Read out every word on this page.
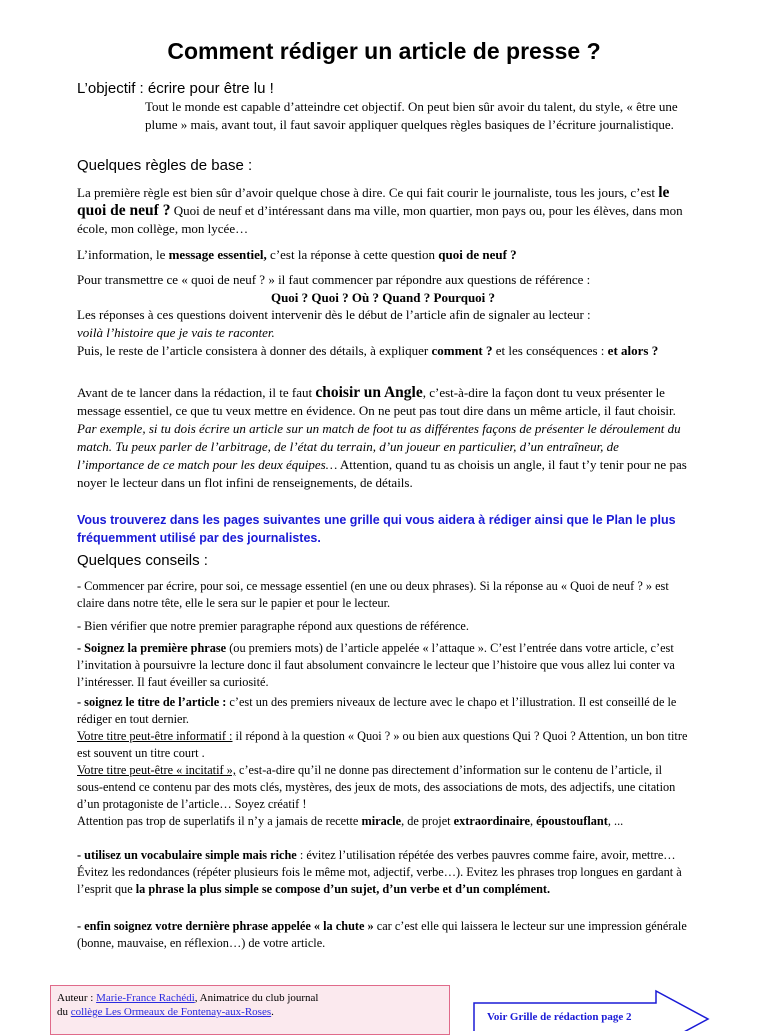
Comment rédiger un article de presse ?
L’objectif : écrire pour être lu !

Tout le monde est capable d’atteindre cet objectif. On peut bien sûr avoir du talent, du style, « être une plume » mais, avant tout, il faut savoir appliquer quelques règles basiques de l’écriture journalistique.

Quelques règles de base :

La première règle est bien sûr d’avoir quelque chose à dire. Ce qui fait courir le journaliste, tous les jours, c’est le quoi de neuf ? Quoi de neuf et d’intéressant dans ma ville, mon quartier, mon pays ou, pour les élèves, dans mon école, mon collège, mon lycée…

L’information, le message essentiel, c’est la réponse à cette question quoi de neuf ?

Pour transmettre ce « quoi de neuf ? » il faut commencer par répondre aux questions de référence :

Quoi ? Quoi ? Où ? Quand ? Pourquoi ?

Les réponses à ces questions doivent intervenir dès le début de l’article afin de signaler au lecteur :
voilà l’histoire que je vais te raconter.
Puis, le reste de l’article consistera à donner des détails, à expliquer comment ? et les conséquences : et alors ?

Avant de te lancer dans la rédaction, il te faut choisir un Angle, c’est-à-dire la façon dont tu veux présenter le message essentiel, ce que tu veux mettre en évidence. On ne peut pas tout dire dans un même article, il faut choisir. Par exemple, si tu dois écrire un article sur un match de foot tu as différentes façons de présenter le déroulement du match. Tu peux parler de l’arbitrage, de l’état du terrain, d’un joueur en particulier, d’un entraîneur, de l’importance de ce match pour les deux équipes… Attention, quand tu as choisis un angle, il faut t’y tenir pour ne pas noyer le lecteur dans un flot infini de renseignements, de détails.

Vous trouverez dans les pages suivantes une grille qui vous aidera à rédiger ainsi que le Plan le plus fréquemment utilisé par des journalistes.

Quelques conseils :

- Commencer par écrire, pour soi, ce message essentiel (en une ou deux phrases). Si la réponse au « Quoi de neuf ? » est claire dans notre tête, elle le sera sur le papier et pour le lecteur.

- Bien vérifier que notre premier paragraphe répond aux questions de référence.

- Soignez la première phrase (ou premiers mots) de l’article appelée « l’attaque ». C’est l’entrée dans votre article, c’est l’invitation à poursuivre la lecture donc il faut absolument convaincre le lecteur que l’histoire que vous allez lui conter va l’intéresser. Il faut éveiller sa curiosité.

- soignez le titre de l’article : c’est un des premiers niveaux de lecture avec le chapo et l’illustration. Il est conseillé de le rédiger en tout dernier.
Votre titre peut-être informatif : il répond à la question « Quoi ? » ou bien aux questions Qui ? Quoi ? Attention, un bon titre est souvent un titre court .
Votre titre peut-être « incitatif », c’est-a-dire qu’il ne donne pas directement d’information sur le contenu de l’article, il sous-entend ce contenu par des mots clés, mystères, des jeux de mots, des associations de mots, des adjectifs, une citation d’un protagoniste de l’article… Soyez créatif !
Attention pas trop de superlatifs il n’y a jamais de recette miracle, de projet extraordinaire, époustouflant, ...

- utilisez un vocabulaire simple mais riche : évitez l’utilisation répétée des verbes pauvres comme faire, avoir, mettre… Évitez les redondances (répéter plusieurs fois le même mot, adjectif, verbe…). Evitez les phrases trop longues en gardant à l’esprit que la phrase la plus simple se compose d’un sujet, d’un verbe et d’un complément.

- enfin soignez votre dernière phrase appelée « la chute » car c’est elle qui laissera le lecteur sur une impression générale (bonne, mauvaise, en réflexion…) de votre article.

Auteur : Marie-France Rachédi, Animatrice du club journal
du collège Les Ormeaux de Fontenay-aux-Roses.	Voir Grille de rédaction page 2
